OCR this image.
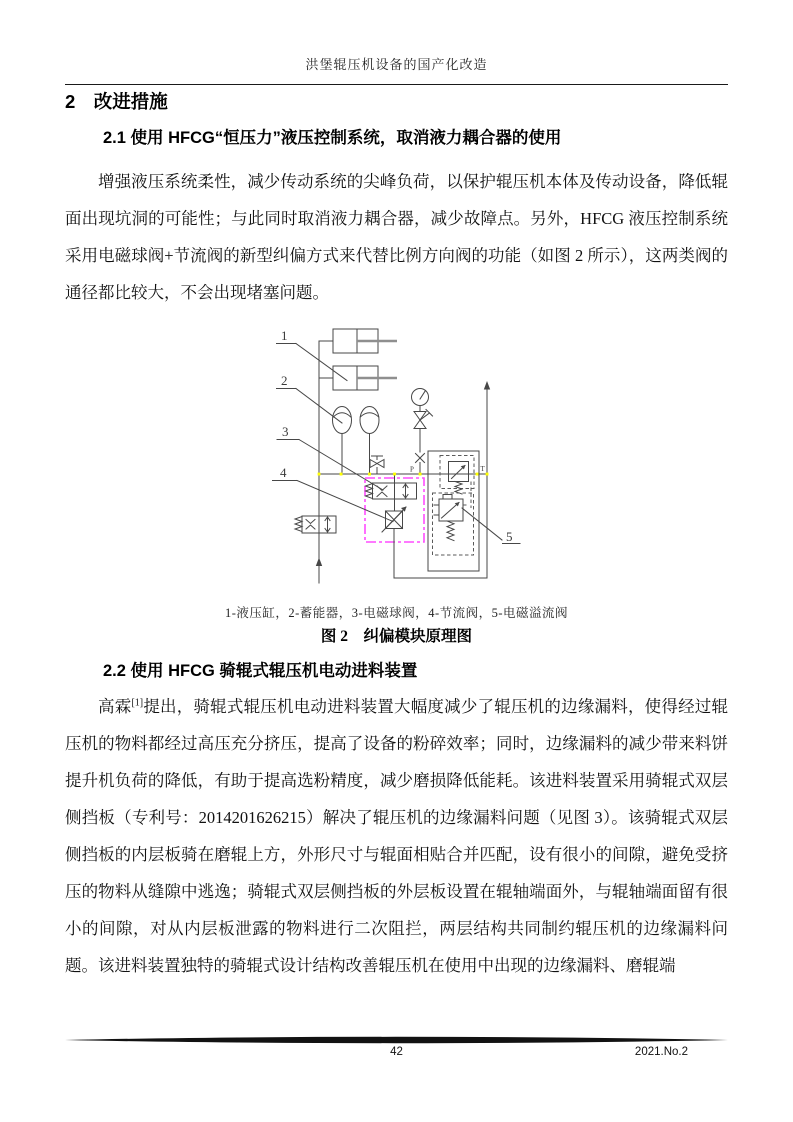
洪堡辊压机设备的国产化改造
2　改进措施
2.1 使用 HFCG“恒压力”液压控制系统，取消液力耦合器的使用
增强液压系统柔性，减少传动系统的尖峰负荷，以保护辊压机本体及传动设备，降低辊面出现坑洞的可能性；与此同时取消液力耦合器，减少故障点。另外，HFCG 液压控制系统采用电磁球阀+节流阀的新型纠偏方式来代替比例方向阀的功能（如图 2 所示），这两类阀的通径都比较大，不会出现堵塞问题。
P	T
1
2
3
4
5
1-液压缸，2-蓄能器，3-电磁球阀，4-节流阀，5-电磁溢流阀
图 2　纠偏模块原理图
2.2 使用 HFCG 骑辊式辊压机电动进料装置
高霖[1]提出，骑辊式辊压机电动进料装置大幅度减少了辊压机的边缘漏料，使得经过辊压机的物料都经过高压充分挤压，提高了设备的粉碎效率；同时，边缘漏料的减少带来料饼提升机负荷的降低，有助于提高选粉精度，减少磨损降低能耗。该进料装置采用骑辊式双层侧挡板（专利号：2014201626215）解决了辊压机的边缘漏料问题（见图 3）。该骑辊式双层侧挡板的内层板骑在磨辊上方，外形尺寸与辊面相贴合并匹配，设有很小的间隙，避免受挤压的物料从缝隙中逃逸；骑辊式双层侧挡板的外层板设置在辊轴端面外，与辊轴端面留有很小的间隙，对从内层板泄露的物料进行二次阻拦，两层结构共同制约辊压机的边缘漏料问题。该进料装置独特的骑辊式设计结构改善辊压机在使用中出现的边缘漏料、磨辊端
42	2021.No.2
